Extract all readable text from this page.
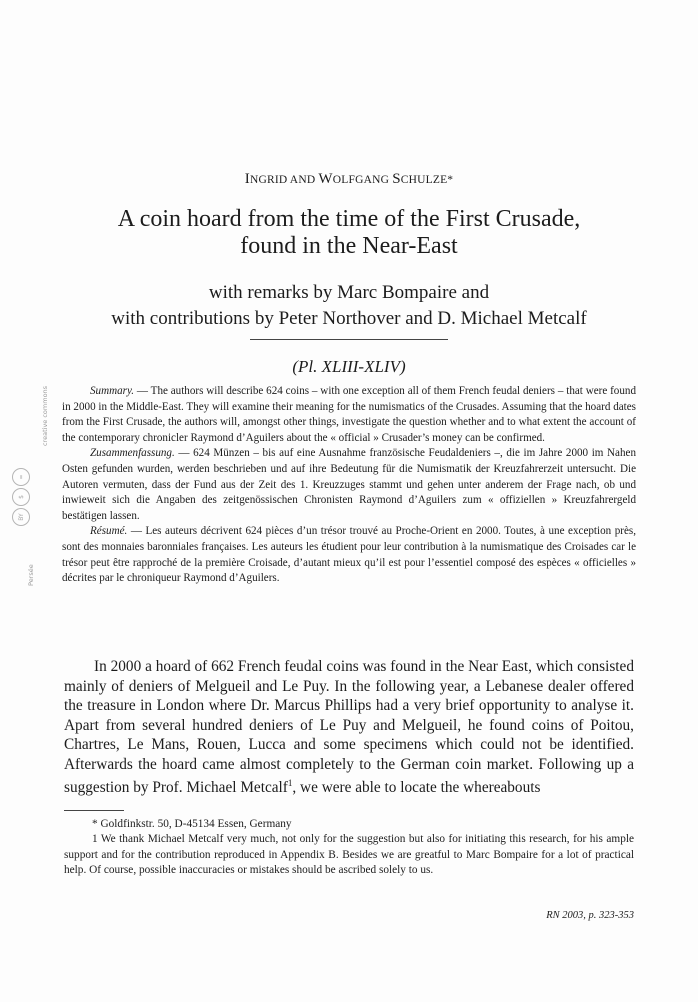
Persée
creative commons
=
$
BY
INGRID AND WOLFGANG SCHULZE*
A coin hoard from the time of the First Crusade,
found in the Near-East
with remarks by Marc Bompaire and
with contributions by Peter Northover and D. Michael Metcalf
(Pl. XLIII-XLIV)

Summary. — The authors will describe 624 coins – with one exception all of them French feudal deniers – that were found in 2000 in the Middle-East. They will examine their meaning for the numismatics of the Crusades. Assuming that the hoard dates from the First Crusade, the authors will, amongst other things, investigate the question whether and to what extent the account of the contemporary chronicler Raymond d’Aguilers about the « official » Crusader’s money can be confirmed.

Zusammenfassung. — 624 Münzen – bis auf eine Ausnahme französische Feudaldeniers –, die im Jahre 2000 im Nahen Osten gefunden wurden, werden beschrieben und auf ihre Bedeutung für die Numismatik der Kreuzfahrerzeit untersucht. Die Autoren vermuten, dass der Fund aus der Zeit des 1. Kreuzzuges stammt und gehen unter anderem der Frage nach, ob und inwieweit sich die Angaben des zeitgenössischen Chronisten Raymond d’Aguilers zum « offiziellen » Kreuzfahrergeld bestätigen lassen.

Résumé. — Les auteurs décrivent 624 pièces d’un trésor trouvé au Proche-Orient en 2000. Toutes, à une exception près, sont des monnaies baronniales françaises. Les auteurs les étudient pour leur contribution à la numismatique des Croisades car le trésor peut être rapproché de la première Croisade, d’autant mieux qu’il est pour l’essentiel composé des espèces « officielles » décrites par le chroniqueur Raymond d’Aguilers.

In 2000 a hoard of 662 French feudal coins was found in the Near East, which consisted mainly of deniers of Melgueil and Le Puy. In the following year, a Lebanese dealer offered the treasure in London where Dr. Marcus Phillips had a very brief opportunity to analyse it. Apart from several hundred deniers of Le Puy and Melgueil, he found coins of Poitou, Chartres, Le Mans, Rouen, Lucca and some specimens which could not be identified. Afterwards the hoard came almost completely to the German coin market. Following up a suggestion by Prof. Michael Metcalf$^1$, we were able to locate the whereabouts

* Goldfinkstr. 50, D-45134 Essen, Germany

1 We thank Michael Metcalf very much, not only for the suggestion but also for initiating this research, for his ample support and for the contribution reproduced in Appendix B. Besides we are greatful to Marc Bompaire for a lot of practical help. Of course, possible inaccuracies or mistakes should be ascribed solely to us.

RN 2003, p. 323-353
